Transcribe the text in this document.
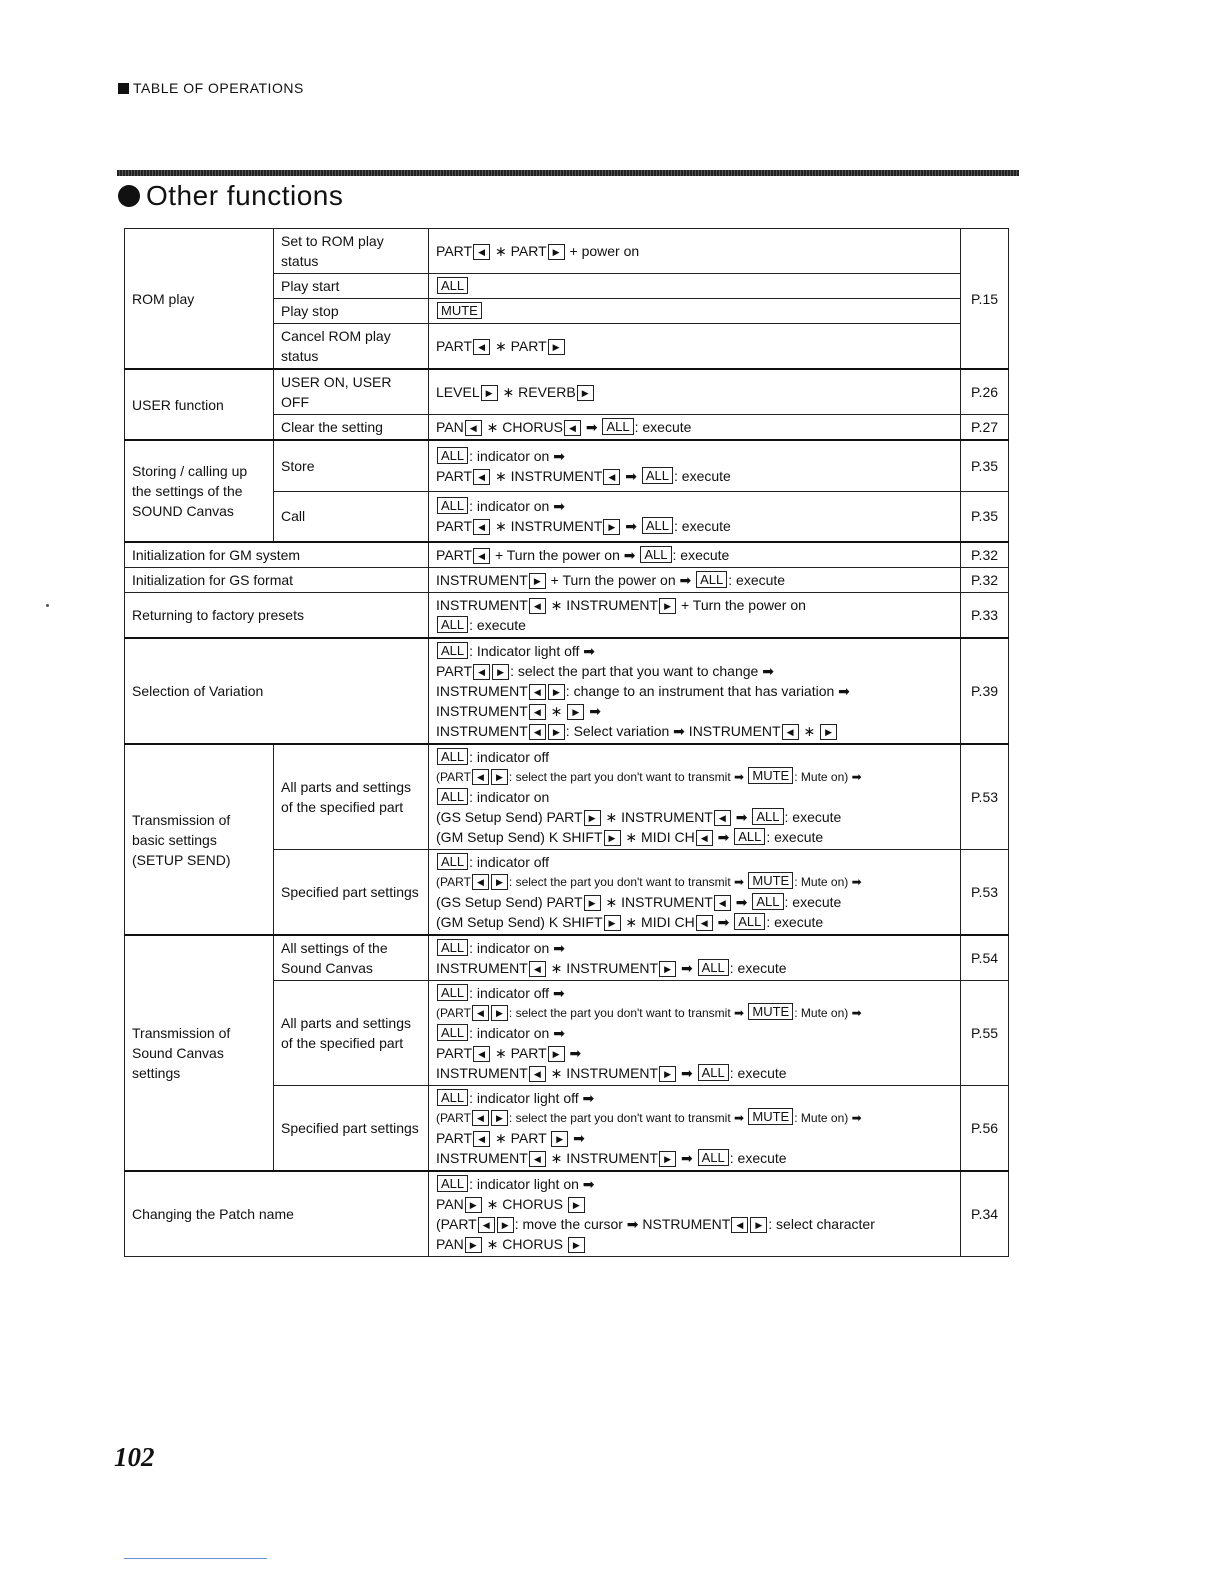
TABLE OF OPERATIONS
Other functions
ROM play	Set to ROM play status	PART ◀ ∗ PART ▶ + power on	P.15
	Play start	ALL	
	Play stop	MUTE	
	Cancel ROM play status	PART ◀ ∗ PART ▶	
USER function	USER ON, USER OFF	LEVEL ▶ ∗ REVERB ▶	P.26
	Clear the setting	PAN ◀ ∗ CHORUS ◀ ➡ ALL : execute	P.27
Storing / calling up the settings of the SOUND Canvas	Store	ALL : indicator on ➡
PART ◀ ∗ INSTRUMENT ◀ ➡ ALL : execute	P.35
	Call	ALL : indicator on ➡
PART ◀ ∗ INSTRUMENT ▶ ➡ ALL : execute	P.35
Initialization for GM system		PART ◀ + Turn the power on ➡ ALL : execute	P.32
Initialization for GS format		INSTRUMENT ▶ + Turn the power on ➡ ALL : execute	P.32
Returning to factory presets		INSTRUMENT ◀ ∗ INSTRUMENT ▶ + Turn the power on
ALL : execute	P.33
Selection of Variation		ALL : Indicator light off ➡
PART ◀ ▶ : select the part that you want to change ➡
INSTRUMENT ◀ ▶ : change to an instrument that has variation ➡
INSTRUMENT ◀ ∗ ▶ ➡
INSTRUMENT ◀ ▶ : Select variation ➡ INSTRUMENT ◀ ∗ ▶	P.39
Transmission of basic settings (SETUP SEND)	All parts and settings of the specified part	ALL : indicator off
(PART ◀ ▶ : select the part you don't want to transmit ➡ MUTE : Mute on) ➡
ALL : indicator on
(GS Setup Send) PART ▶ ∗ INSTRUMENT ◀ ➡ ALL : execute
(GM Setup Send) K SHIFT ▶ ∗ MIDI CH ◀ ➡ ALL : execute	P.53
	Specified part settings	ALL : indicator off
(PART ◀ ▶ : select the part you don't want to transmit ➡ MUTE : Mute on) ➡
(GS Setup Send) PART ▶ ∗ INSTRUMENT ◀ ➡ ALL : execute
(GM Setup Send) K SHIFT ▶ ∗ MIDI CH ◀ ➡ ALL : execute	P.53
Transmission of Sound Canvas settings	All settings of the Sound Canvas	ALL : indicator on ➡
INSTRUMENT ◀ ∗ INSTRUMENT ▶ ➡ ALL : execute	P.54
	All parts and settings of the specified part	ALL : indicator off ➡
(PART ◀ ▶ : select the part you don't want to transmit ➡ MUTE : Mute on) ➡
ALL : indicator on ➡
PART ◀ ∗ PART ▶ ➡
INSTRUMENT ◀ ∗ INSTRUMENT ▶ ➡ ALL : execute	P.55
	Specified part settings	ALL : indicator light off ➡
(PART ◀ ▶ : select the part you don't want to transmit ➡ MUTE : Mute on) ➡
PART ◀ ∗ PART ▶ ➡
INSTRUMENT ◀ ∗ INSTRUMENT ▶ ➡ ALL : execute	P.56
Changing the Patch name		ALL : indicator light on ➡
PAN ▶ ∗ CHORUS ▶
(PART ◀ ▶ : move the cursor ➡ NSTRUMENT ◀ ▶ : select character
PAN ▶ ∗ CHORUS ▶	P.34
102
